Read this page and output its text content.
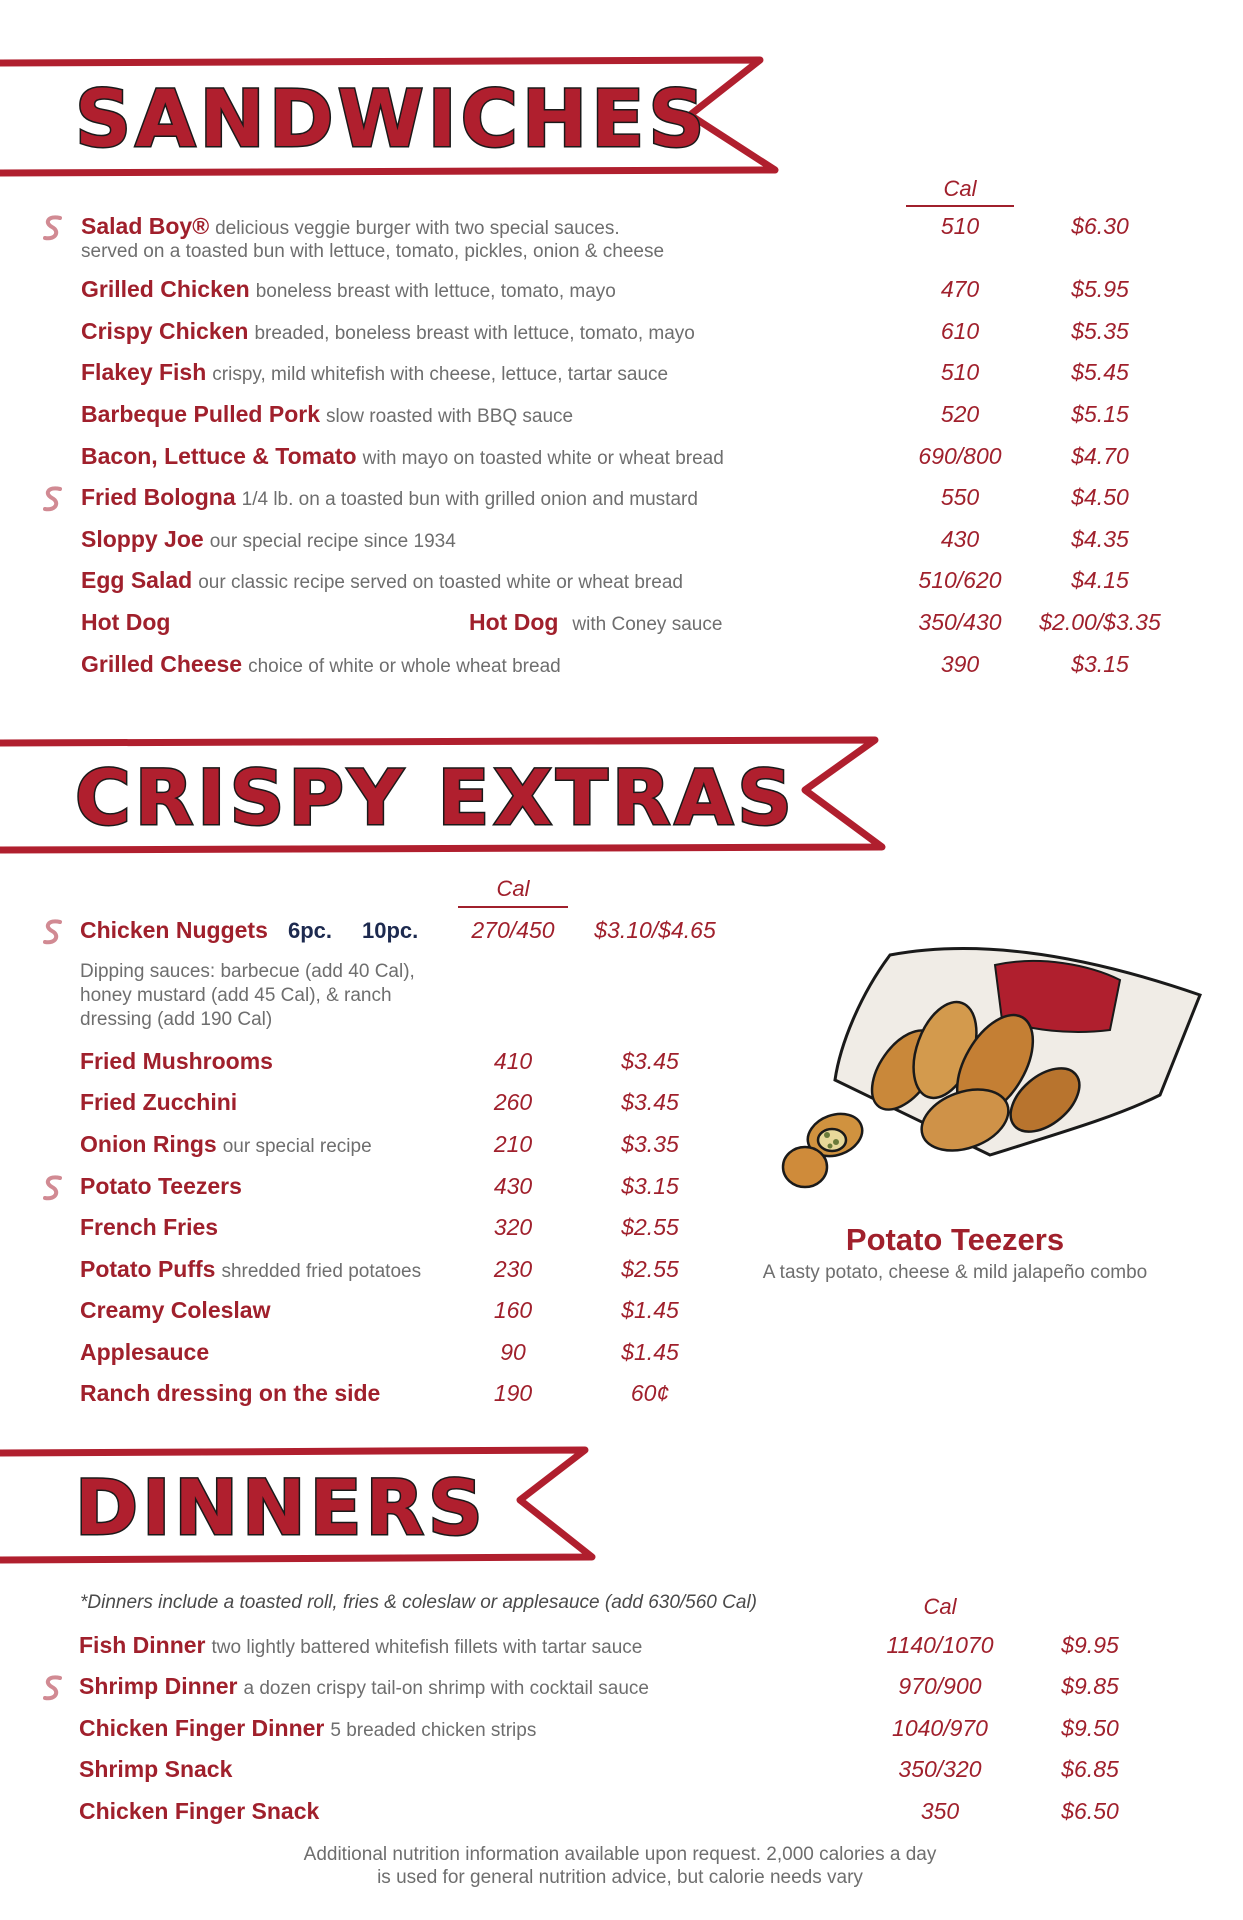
SANDWICHES
Cal
Salad Boy® delicious veggie burger with two special sauces.
served on a toasted bun with lettuce, tomato, pickles, onion & cheese
510	$6.30
Grilled Chicken boneless breast with lettuce, tomato, mayo	470	$5.95
Crispy Chicken breaded, boneless breast with lettuce, tomato, mayo	610	$5.35
Flakey Fish crispy, mild whitefish with cheese, lettuce, tartar sauce	510	$5.45
Barbeque Pulled Pork slow roasted with BBQ sauce	520	$5.15
Bacon, Lettuce & Tomato with mayo on toasted white or wheat bread	690/800	$4.70
Fried Bologna 1/4 lb. on a toasted bun with grilled onion and mustard	550	$4.50
Sloppy Joe our special recipe since 1934	430	$4.35
Egg Salad our classic recipe served on toasted white or wheat bread	510/620	$4.15
Hot Dog	Hot Dog with Coney sauce	350/430	$2.00/$3.35
Grilled Cheese choice of white or whole wheat bread	390	$3.15
CRISPY EXTRAS
Cal
Chicken Nuggets 6pc. 10pc.	270/450	$3.10/$4.65
Dipping sauces: barbecue (add 40 Cal),
honey mustard (add 45 Cal), & ranch
dressing (add 190 Cal)
Fried Mushrooms	410	$3.45
Fried Zucchini	260	$3.45
Onion Rings our special recipe	210	$3.35
Potato Teezers	430	$3.15
French Fries	320	$2.55
Potato Puffs shredded fried potatoes	230	$2.55
Creamy Coleslaw	160	$1.45
Applesauce	90	$1.45
Ranch dressing on the side	190	60¢
Potato Teezers
A tasty potato, cheese & mild jalapeño combo
DINNERS
*Dinners include a toasted roll, fries & coleslaw or applesauce (add 630/560 Cal)	Cal
Fish Dinner two lightly battered whitefish fillets with tartar sauce	1140/1070	$9.95
Shrimp Dinner a dozen crispy tail-on shrimp with cocktail sauce	970/900	$9.85
Chicken Finger Dinner 5 breaded chicken strips	1040/970	$9.50
Shrimp Snack	350/320	$6.85
Chicken Finger Snack	350	$6.50
Additional nutrition information available upon request. 2,000 calories a day
is used for general nutrition advice, but calorie needs vary
